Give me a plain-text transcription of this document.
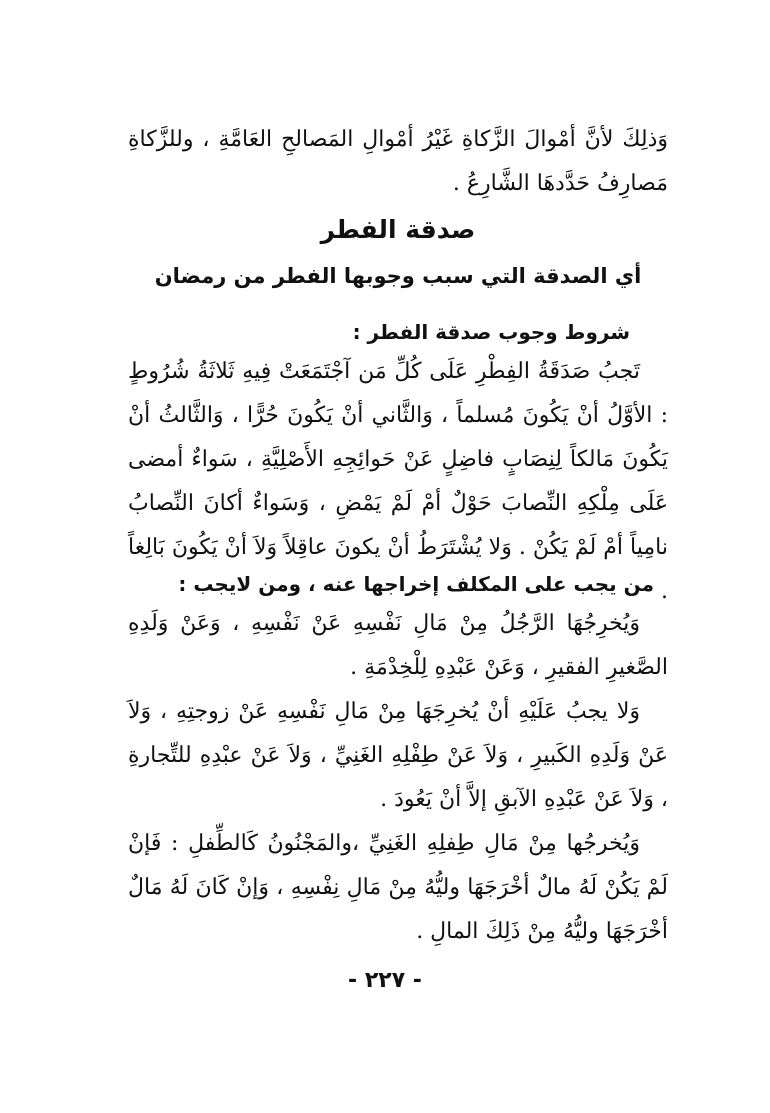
وَذلِكَ لأنَّ أمْوالَ الزَّكاةِ غَيْرُ أمْوالِ المَصالحِ العَامَّةِ ، وللزَّكاةِ مَصارِفُ حَدَّدهَا الشَّارِعُ .
صدقة الفطر
أي الصدقة التي سبب وجوبها الفطر من رمضان
شروط وجوب صدقة الفطر :
تَجبُ صَدَقَةُ الفِطْرِ عَلَى كُلِّ مَن آجْتَمَعَتْ فِيهِ ثَلاثَةُ شُرُوطٍ : الأوَّلُ أنْ يَكُونَ مُسلماً ، وَالثَّاني أنْ يَكُونَ حُرًّا ، وَالثَّالثُ أنْ يَكُونَ مَالكاً لِنِصَابٍ فاضِلٍ عَنْ حَوائِجِهِ الأَصْلِيَّةِ ، سَواءٌ أمضى عَلَى مِلْكِهِ النِّصابَ حَوْلٌ أمْ لَمْ يَمْضِ ، وَسَواءٌ أكانَ النِّصابُ نامِياً أمْ لَمْ يَكُنْ . وَلا يُشْتَرَطُ أنْ يكونَ عاقِلاً وَلاَ أنْ يَكُونَ بَالِغاً .
من يجب على المكلف إخراجها عنه ، ومن لايجب :
وَيُخرِجُهَا الرَّجُلُ مِنْ مَالِ نَفْسِهِ عَنْ نَفْسِهِ ، وَعَنْ وَلَدِهِ الصَّغيرِ الفقيرِ ، وَعَنْ عَبْدِهِ لِلْخِدْمَةِ .
وَلا يجبُ عَلَيْهِ أنْ يُخرِجَهَا مِنْ مَالِ نَفْسِهِ عَنْ زوجتِهِ ، وَلاَ عَنْ وَلَدِهِ الكَبيرِ ، وَلاَ عَنْ طِفْلِهِ الغَنِيِّ ، وَلاَ عَنْ عبْدِهِ للتِّجارةِ ، وَلاَ عَنْ عَبْدِهِ الآبقِ إلاَّ أنْ يَعُودَ .
وَيُخرجُها مِنْ مَالِ طِفلِهِ الغَنِيِّ ،والمَجْنُونُ كَالطِّفلِ : فَإنْ لَمْ يَكُنْ لَهُ مالٌ أخْرَجَهَا وليُّهُ مِنْ مَالِ نِفْسِهِ ، وَإنْ كَانَ لَهُ مَالٌ أخْرَجَهَا وليُّهُ مِنْ ذَلِكَ المالِ .
- ٢٢٧ -
